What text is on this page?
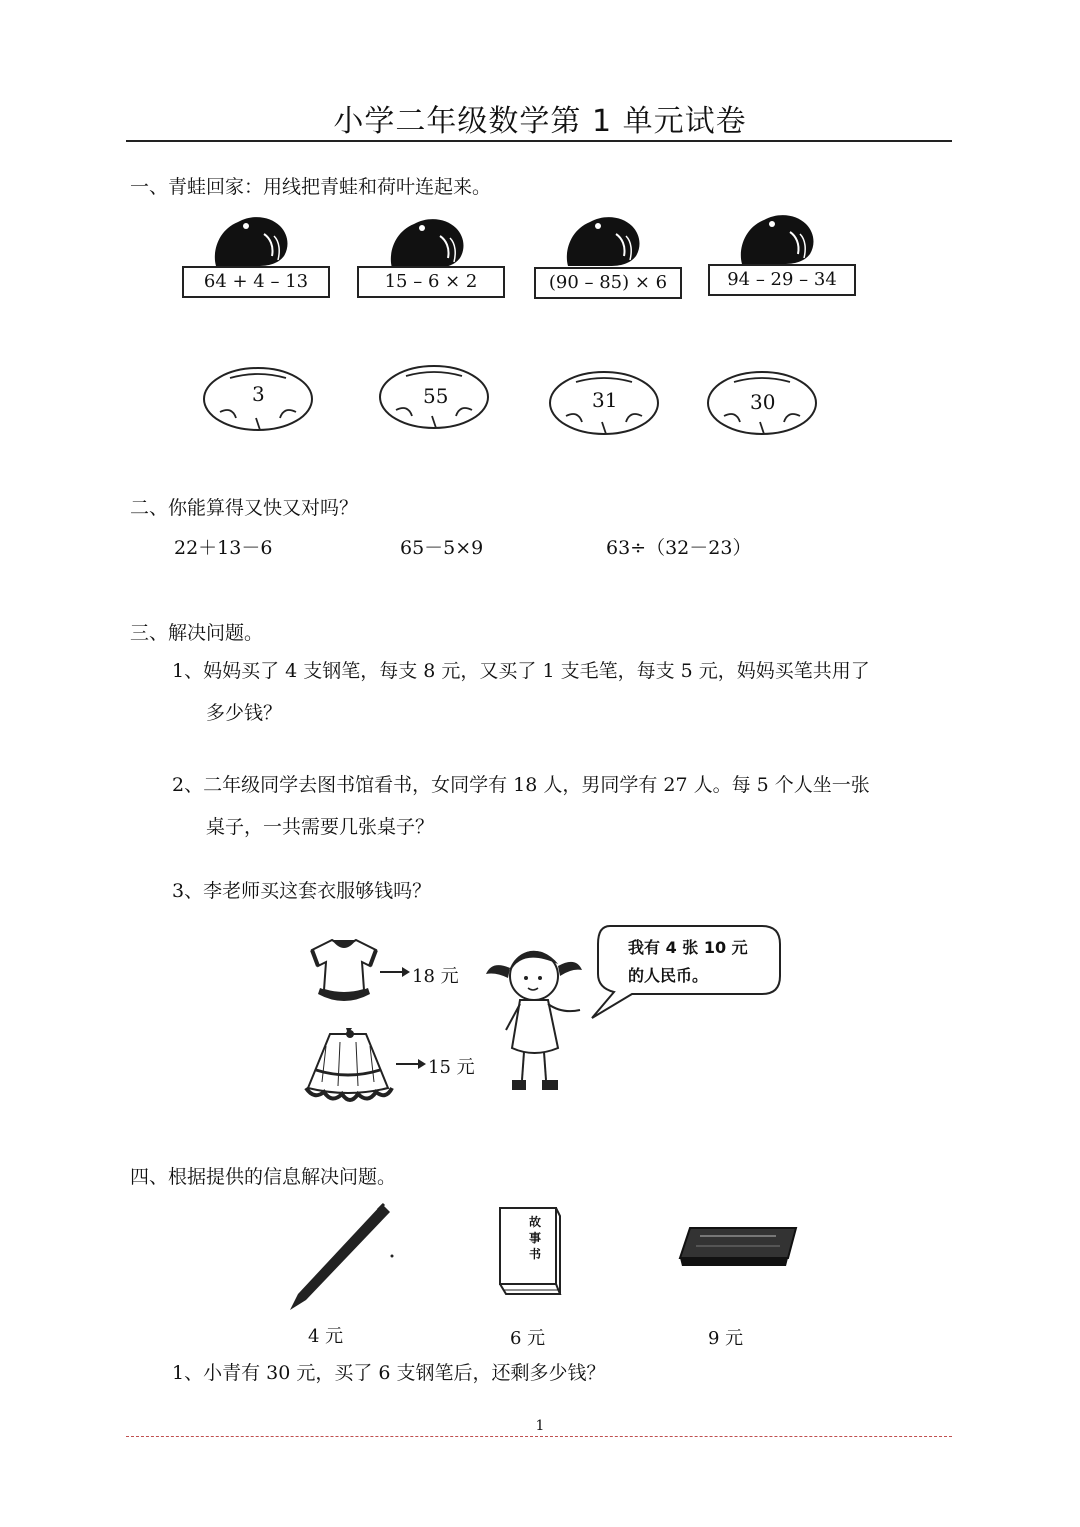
小学二年级数学第 1 单元试卷
一、青蛙回家：用线把青蛙和荷叶连起来。
64 + 4 – 13	15 – 6 × 2	(90 – 85) × 6	94 – 29 – 34
3	55	31	30
二、你能算得又快又对吗？
22＋13－6	65－5×9	63÷（32－23）
三、解决问题。
1、妈妈买了 4 支钢笔，每支 8 元，又买了 1 支毛笔，每支 5 元，妈妈买笔共用了
多少钱？
2、二年级同学去图书馆看书，女同学有 18 人，男同学有 27 人。每 5 个人坐一张
桌子，一共需要几张桌子？
3、李老师买这套衣服够钱吗？
18 元
15 元
我有 4 张 10 元
的人民币。
四、根据提供的信息解决问题。
故事书
4 元	6 元	9 元
1、小青有 30 元，买了 6 支钢笔后，还剩多少钱？
1
